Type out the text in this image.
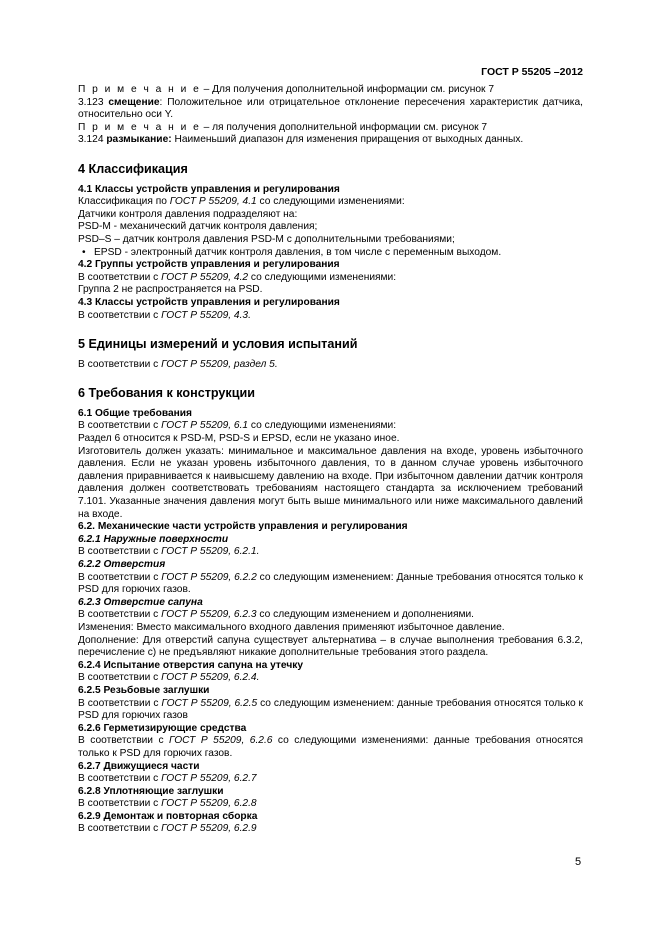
ГОСТ Р 55205 –2012

П р и м е ч а н и е – Для получения дополнительной информации см. рисунок 7

3.123 смещение: Положительное или отрицательное отклонение пересечения характеристик датчика, относительно оси Y.

П р и м е ч а н и е – ля получения дополнительной информации см. рисунок 7

3.124 размыкание: Наименьший диапазон для изменения приращения от выходных данных.

4 Классификация

4.1 Классы устройств управления и регулирования

Классификация по ГОСТ Р 55209, 4.1 со следующими изменениями:

Датчики контроля давления подразделяют на:

PSD-М - механический датчик контроля давления;

PSD–S – датчик контроля давления PSD-М с дополнительными требованиями;

• EPSD - электронный датчик контроля давления, в том числе с переменным выходом.

4.2 Группы устройств управления и регулирования

В соответствии с ГОСТ Р 55209, 4.2 со следующими изменениями:

Группа 2 не распространяется на PSD.

4.3 Классы устройств управления и регулирования

В соответствии с ГОСТ Р 55209, 4.3.

5 Единицы измерений и условия испытаний

В соответствии с ГОСТ Р 55209, раздел 5.

6 Требования к конструкции

6.1 Общие требования

В соответствии с ГОСТ Р 55209, 6.1 со следующими изменениями:

Раздел 6 относится к PSD-M, PSD-S и EPSD, если не указано иное.

Изготовитель должен указать: минимальное и максимальное давления на входе, уровень избыточного давления. Если не указан уровень избыточного давления, то в данном случае уровень избыточного давления приравнивается к наивысшему давлению на входе. При избыточном давлении датчик контроля давления должен соответствовать требованиям настоящего стандарта за исключением требований 7.101. Указанные значения давления могут быть выше минимального или ниже максимального давлений на входе.

6.2. Механические части устройств управления и регулирования

6.2.1 Наружные поверхности

В соответствии с ГОСТ Р 55209, 6.2.1.

6.2.2 Отверстия

В соответствии с ГОСТ Р 55209, 6.2.2 со следующим изменением: Данные требования относятся только к PSD для горючих газов.

6.2.3 Отверстие сапуна

В соответствии с ГОСТ Р 55209, 6.2.3 со следующим изменением и дополнениями.

Изменения: Вместо максимального входного давления применяют избыточное давление.

Дополнение: Для отверстий сапуна существует альтернатива – в случае выполнения требования 6.3.2, перечисление с) не предъявляют никакие дополнительные требования этого раздела.

6.2.4 Испытание отверстия сапуна на утечку

В соответствии с ГОСТ Р 55209, 6.2.4.

6.2.5 Резьбовые заглушки

В соответствии с ГОСТ Р 55209, 6.2.5 со следующим изменением: данные требования относятся только к PSD для горючих газов

6.2.6 Герметизирующие средства

В соответствии с ГОСТ Р 55209, 6.2.6 со следующими изменениями: данные требования относятся только к PSD для горючих газов.

6.2.7 Движущиеся части

В соответствии с ГОСТ Р 55209, 6.2.7

6.2.8 Уплотняющие заглушки

В соответствии с ГОСТ Р 55209, 6.2.8

6.2.9 Демонтаж и повторная сборка

В соответствии с ГОСТ Р 55209, 6.2.9

5
